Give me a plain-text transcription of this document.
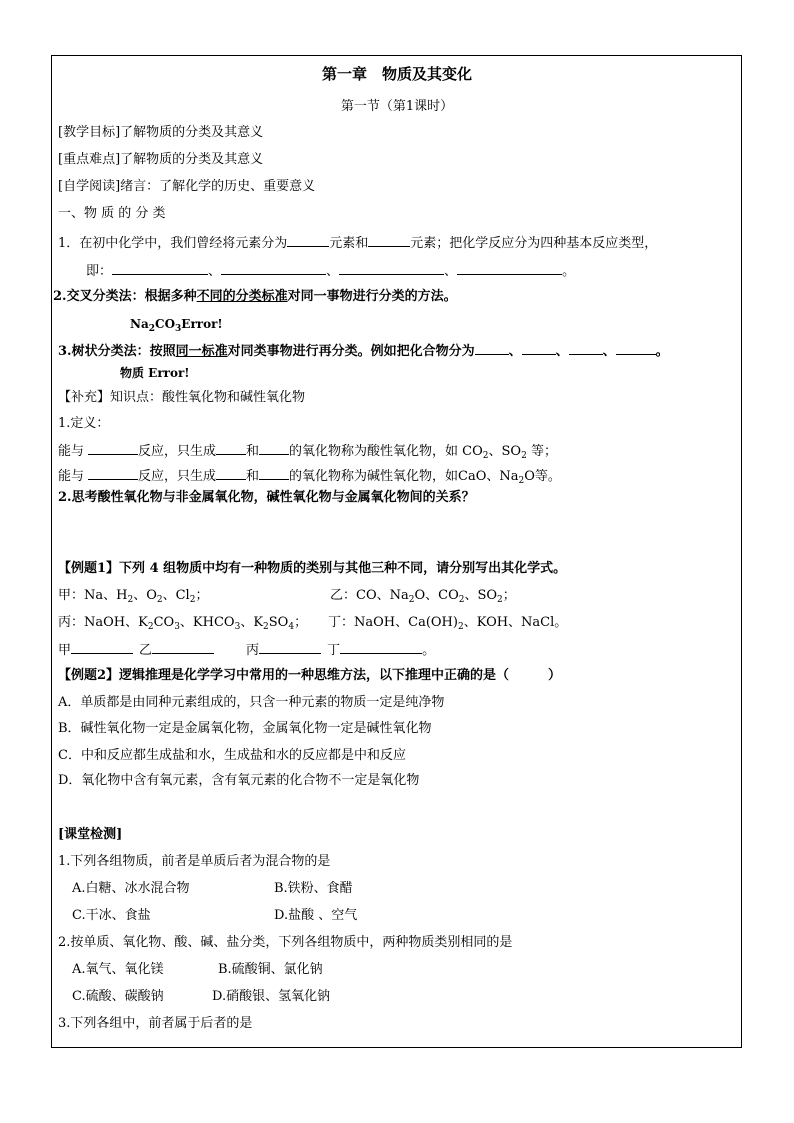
第一章　物质及其变化
第一节（第1课时）
[教学目标]了解物质的分类及其意义
[重点难点]了解物质的分类及其意义
[自学阅读]绪言：了解化学的历史、重要意义
一、物 质 的 分 类
1．在初中化学中，我们曾经将元素分为	元素和	元素；把化学反应分为四种基本反应类型，
即：	、	、	、	。
2.交叉分类法：根据多种不同的分类标准对同一事物进行分类的方法。
$Na_2CO_3Error$!
3.树状分类法：按照同一标准对同类事物进行再分类。例如把化合物分为	、	、	、	。
物质 Error!
【补充】知识点：酸性氧化物和碱性氧化物
1.定义：
能与	反应，只生成 和 的氧化物称为酸性氧化物，如 $CO_2$、$SO_2$ 等；
能与	反应，只生成 和 的氧化物称为碱性氧化物，如CaO、$Na_2O$等。
2.思考酸性氧化物与非金属氧化物，碱性氧化物与金属氧化物间的关系？
【例题1】下列 4 组物质中均有一种物质的类别与其他三种不同，请分别写出其化学式。
甲：Na、$H_2$、$O_2$、$Cl_2$；	乙：CO、$Na_2O$、$CO_2$、$SO_2$；
丙：NaOH、$K_2CO_3$、$KHCO_3$、$K_2SO_4$； 丁：NaOH、$Ca(OH)_2$、KOH、NaCl。
甲	乙	丙	丁	。
【例题2】逻辑推理是化学学习中常用的一种思维方法，以下推理中正确的是（　　　）
A．单质都是由同种元素组成的，只含一种元素的物质一定是纯净物
B．碱性氧化物一定是金属氧化物，金属氧化物一定是碱性氧化物
C．中和反应都生成盐和水，生成盐和水的反应都是中和反应
D．氧化物中含有氧元素，含有氧元素的化合物不一定是氧化物
[课堂检测]
1.下列各组物质，前者是单质后者为混合物的是
A.白糖、冰水混合物	B.铁粉、食醋
C.干冰、食盐	D.盐酸 、空气
2.按单质、氧化物、酸、碱、盐分类，下列各组物质中，两种物质类别相同的是
A.氧气、氧化镁	B.硫酸铜、氯化钠
C.硫酸、碳酸钠	D.硝酸银、氢氧化钠
3.下列各组中，前者属于后者的是
